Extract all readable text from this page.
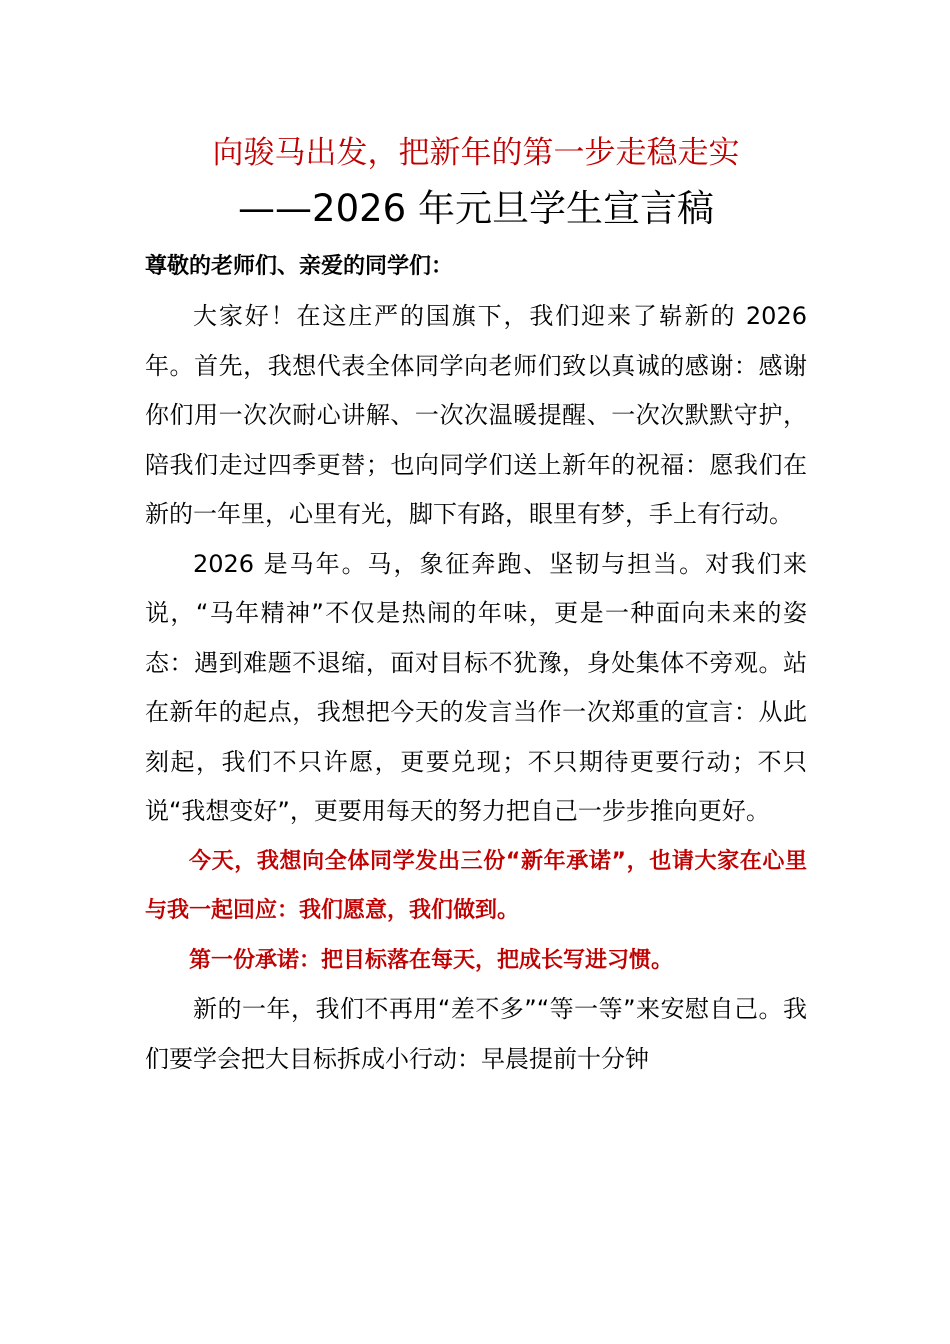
向骏马出发，把新年的第一步走稳走实
——2026 年元旦学生宣言稿

尊敬的老师们、亲爱的同学们：

大家好！在这庄严的国旗下，我们迎来了崭新的 2026 年。首先，我想代表全体同学向老师们致以真诚的感谢：感谢你们用一次次耐心讲解、一次次温暖提醒、一次次默默守护，陪我们走过四季更替；也向同学们送上新年的祝福：愿我们在新的一年里，心里有光，脚下有路，眼里有梦，手上有行动。

2026 是马年。马，象征奔跑、坚韧与担当。对我们来说，“马年精神”不仅是热闹的年味，更是一种面向未来的姿态：遇到难题不退缩，面对目标不犹豫，身处集体不旁观。站在新年的起点，我想把今天的发言当作一次郑重的宣言：从此刻起，我们不只许愿，更要兑现；不只期待更要行动；不只说“我想变好”，更要用每天的努力把自己一步步推向更好。

今天，我想向全体同学发出三份“新年承诺”，也请大家在心里与我一起回应：我们愿意，我们做到。

第一份承诺：把目标落在每天，把成长写进习惯。

新的一年，我们不再用“差不多”“等一等”来安慰自己。我们要学会把大目标拆成小行动：早晨提前十分钟
